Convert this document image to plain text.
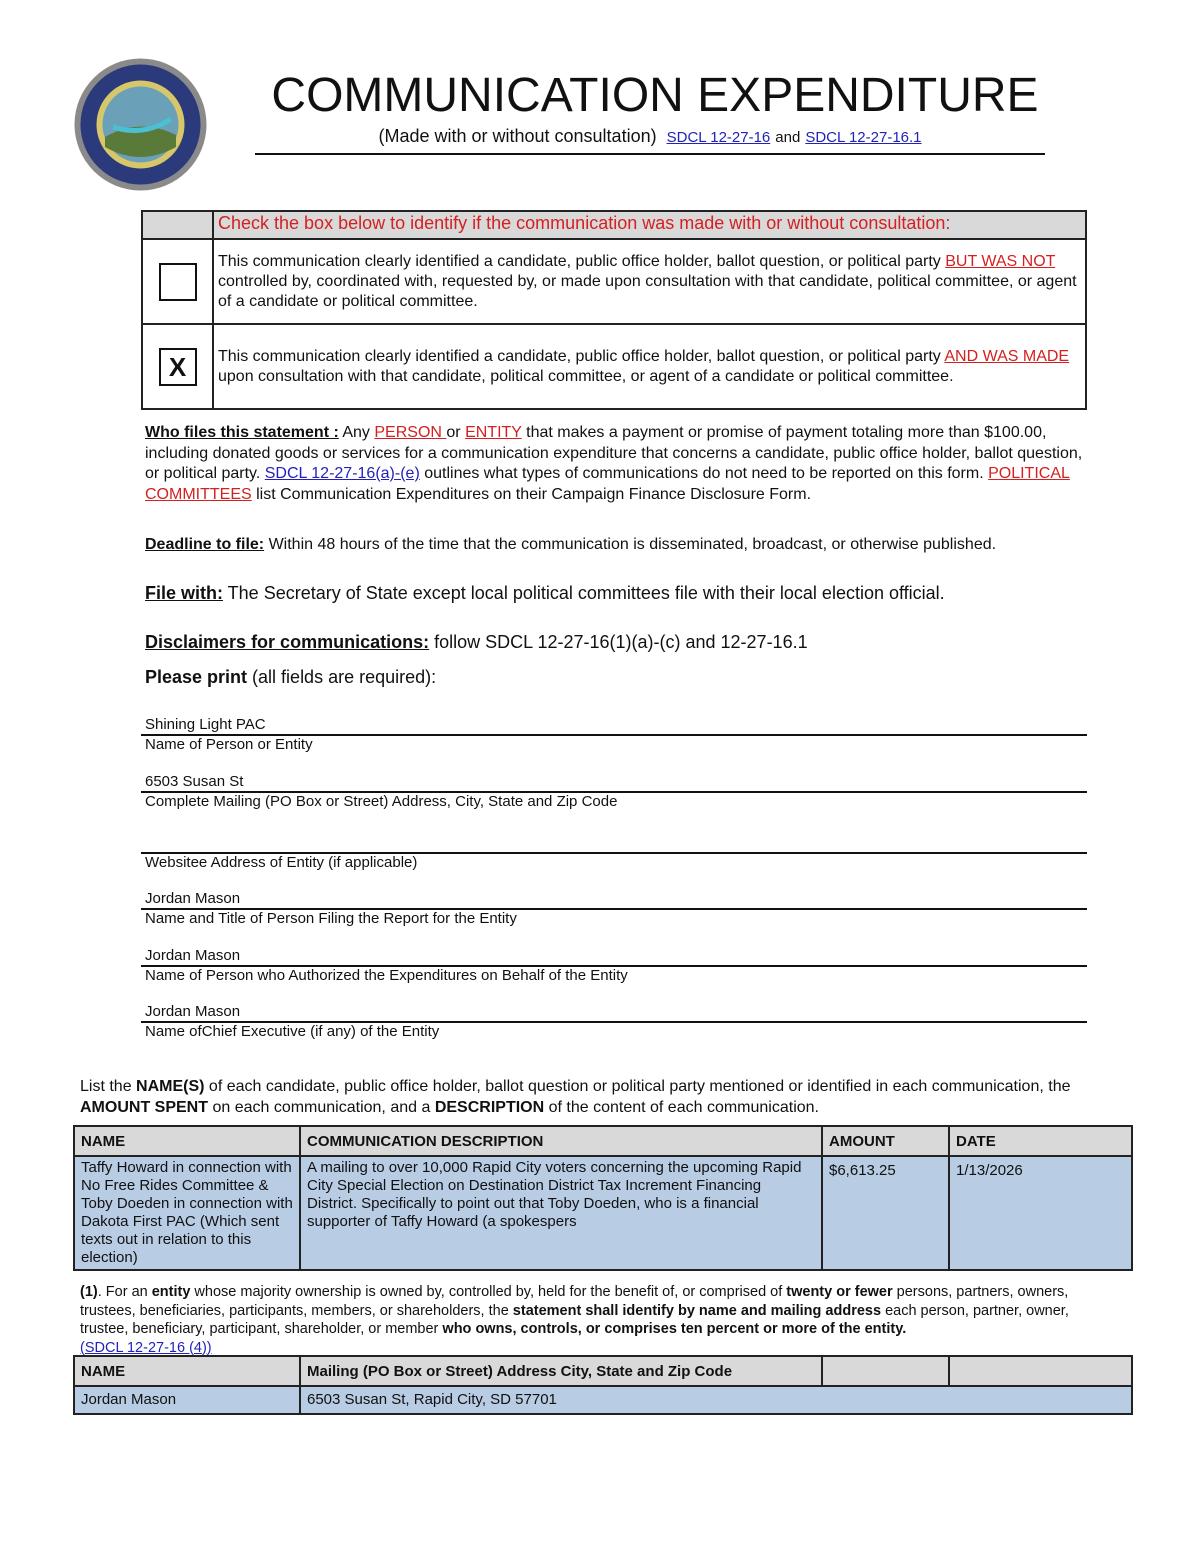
COMMUNICATION EXPENDITURE
(Made with or without consultation) SDCL 12-27-16 and SDCL 12-27-16.1
	Check the box below to identify if the communication was made with or without consultation:

	This communication clearly identified a candidate, public office holder, ballot question, or political party BUT WAS NOT controlled by, coordinated with, requested by, or made upon consultation with that candidate, political committee, or agent of a candidate or political committee.

X	This communication clearly identified a candidate, public office holder, ballot question, or political party AND WAS MADE upon consultation with that candidate, political committee, or agent of a candidate or political committee.
Who files this statement : Any PERSON or ENTITY that makes a payment or promise of payment totaling more than $100.00, including donated goods or services for a communication expenditure that concerns a candidate, public office holder, ballot question, or political party. SDCL 12-27-16(a)-(e) outlines what types of communications do not need to be reported on this form. POLITICAL COMMITTEES list Communication Expenditures on their Campaign Finance Disclosure Form.
Deadline to file: Within 48 hours of the time that the communication is disseminated, broadcast, or otherwise published.
File with: The Secretary of State except local political committees file with their local election official.
Disclaimers for communications: follow SDCL 12-27-16(1)(a)-(c) and 12-27-16.1
Please print (all fields are required):
Shining Light PAC
Name of Person or Entity
6503 Susan St
Complete Mailing (PO Box or Street) Address, City, State and Zip Code
Websitee Address of Entity (if applicable)
Jordan Mason
Name and Title of Person Filing the Report for the Entity
Jordan Mason
Name of Person who Authorized the Expenditures on Behalf of the Entity
Jordan Mason
Name ofChief Executive (if any) of the Entity
List the NAME(S) of each candidate, public office holder, ballot question or political party mentioned or identified in each communication, the AMOUNT SPENT on each communication, and a DESCRIPTION of the content of each communication.
NAME	COMMUNICATION DESCRIPTION	AMOUNT	DATE
Taffy Howard in connection with No Free Rides Committee & Toby Doeden in connection with Dakota First PAC (Which sent texts out in relation to this election)	A mailing to over 10,000 Rapid City voters concerning the upcoming Rapid City Special Election on Destination District Tax Increment Financing District. Specifically to point out that Toby Doeden, who is a financial supporter of Taffy Howard (a spokespers	$6,613.25	1/13/2026
(1). For an entity whose majority ownership is owned by, controlled by, held for the benefit of, or comprised of twenty or fewer persons, partners, owners, trustees, beneficiaries, participants, members, or shareholders, the statement shall identify by name and mailing address each person, partner, owner, trustee, beneficiary, participant, shareholder, or member who owns, controls, or comprises ten percent or more of the entity.
(SDCL 12-27-16 (4))
NAME	Mailing (PO Box or Street) Address City, State and Zip Code		
Jordan Mason	6503 Susan St, Rapid City, SD 57701		
